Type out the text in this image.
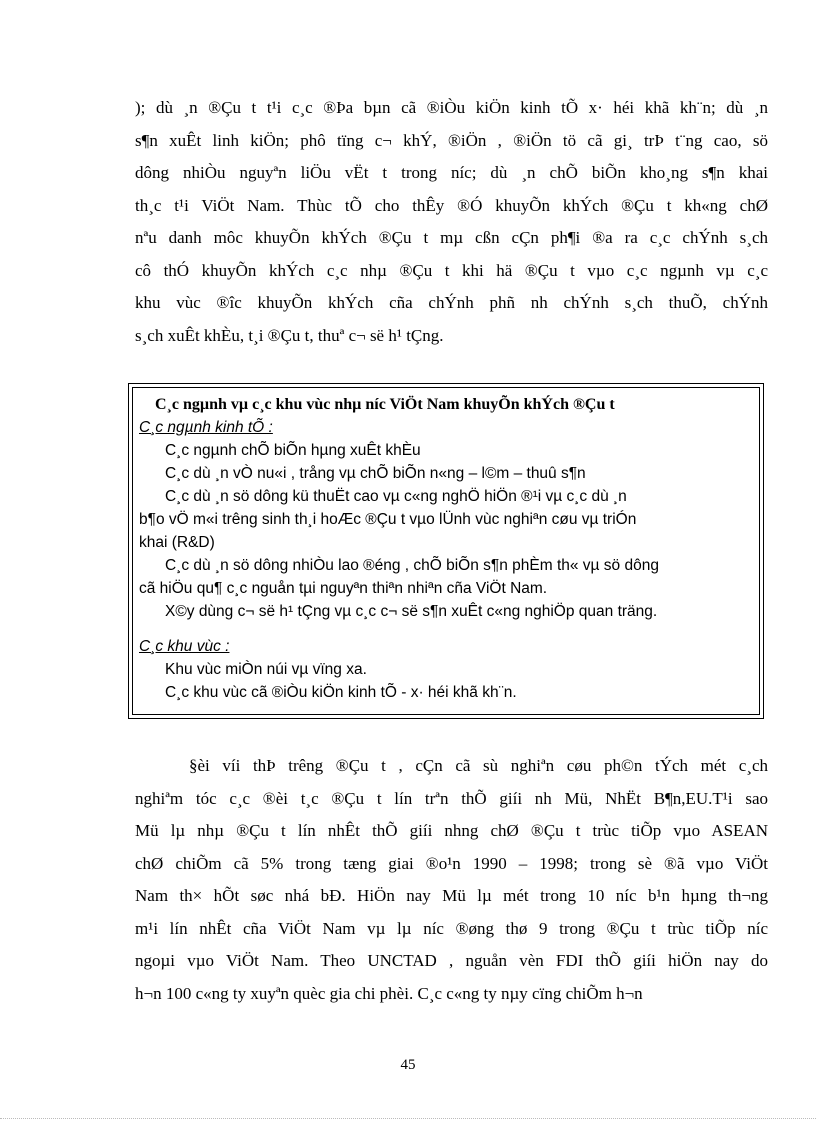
); dù ¸n ®Çu t t¹i c¸c ®Þa bµn cã ®iÒu kiÖn kinh tÕ x· héi khã kh¨n; dù ¸n
s¶n xuÊt linh kiÖn; phô tïng c¬ khÝ, ®iÖn , ®iÖn tö cã gi¸ trÞ t¨ng cao, sö
dông nhiÒu nguyªn liÖu vËt t trong níc; dù ¸n chÕ biÕn kho¸ng s¶n khai
th¸c t¹i ViÖt Nam. Thùc tÕ cho thÊy ®Ó khuyÕn khÝch ®Çu t kh«ng chØ
nªu danh môc khuyÕn khÝch ®Çu t mµ cßn cÇn ph¶i ®a ra c¸c chÝnh s¸ch
cô thÓ khuyÕn khÝch c¸c nhµ ®Çu t khi hä ®Çu t vµo c¸c ngµnh vµ c¸c
khu vùc ®îc khuyÕn khÝch cña chÝnh phñ nh chÝnh s¸ch thuÕ, chÝnh
s¸ch xuÊt khÈu, t¸i ®Çu t, thuª c¬ së h¹ tÇng.
C¸c ngµnh vµ c¸c khu vùc nhµ níc ViÖt Nam khuyÕn khÝch ®Çu t
C¸c ngµnh kinh tÕ :
C¸c ngµnh chÕ biÕn hµng xuÊt khÈu
C¸c dù ¸n vÒ nu«i , trång vµ chÕ biÕn n«ng – l©m – thuû s¶n
C¸c dù ¸n sö dông kü thuËt cao vµ c«ng nghÖ hiÖn ®¹i vµ c¸c dù ¸n
b¶o vÖ m«i trêng sinh th¸i hoÆc ®Çu t vµo lÜnh vùc nghiªn cøu vµ triÓn
khai (R&D)
C¸c dù ¸n sö dông nhiÒu lao ®éng , chÕ biÕn s¶n phÈm th« vµ sö dông
cã hiÖu qu¶ c¸c nguån tµi nguyªn thiªn nhiªn cña ViÖt Nam.
X©y dùng c¬ së h¹ tÇng vµ c¸c c¬ së s¶n xuÊt c«ng nghiÖp quan träng.
C¸c khu vùc :
Khu vùc miÒn núi vµ vïng xa.
C¸c khu vùc cã ®iÒu kiÖn kinh tÕ - x· héi khã kh¨n.
§èi víi thÞ trêng ®Çu t , cÇn cã sù nghiªn cøu ph©n tÝch mét c¸ch
nghiªm tóc c¸c ®èi t¸c ®Çu t lín trªn thÕ giíi nh Mü, NhËt B¶n,EU.T¹i sao
Mü lµ nhµ ®Çu t lín nhÊt thÕ giíi nhng chØ ®Çu t trùc tiÕp vµo ASEAN
chØ chiÕm cã 5% trong tæng giai ®o¹n 1990 – 1998; trong sè ®ã vµo ViÖt
Nam th× hÕt søc nhá bÐ. HiÖn nay Mü lµ mét trong 10 níc b¹n hµng th¬ng
m¹i lín nhÊt cña ViÖt Nam vµ lµ níc ®øng thø 9 trong ®Çu t trùc tiÕp níc
ngoµi vµo ViÖt Nam. Theo UNCTAD , nguån vèn FDI thÕ giíi hiÖn nay do
h¬n 100 c«ng ty xuyªn quèc gia chi phèi. C¸c c«ng ty nµy cïng chiÕm h¬n
45
